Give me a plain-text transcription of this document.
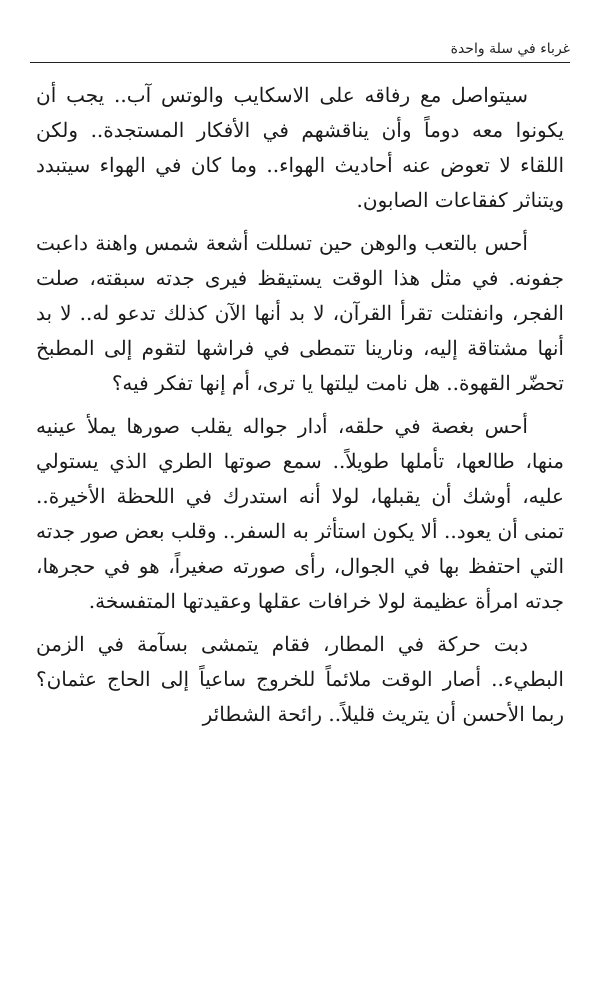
غرباء في سلة واحدة

سيتواصل مع رفاقه على الاسكايب والوتس آب.. يجب أن يكونوا معه دوماً وأن يناقشهم في الأفكار المستجدة.. ولكن اللقاء لا تعوض عنه أحاديث الهواء.. وما كان في الهواء سيتبدد ويتناثر كفقاعات الصابون.

أحس بالتعب والوهن حين تسللت أشعة شمس واهنة داعبت جفونه. في مثل هذا الوقت يستيقظ فيرى جدته سبقته، صلت الفجر، وانفتلت تقرأ القرآن، لا بد أنها الآن كذلك تدعو له.. لا بد أنها مشتاقة إليه، ونارينا تتمطى في فراشها لتقوم إلى المطبخ تحضّر القهوة.. هل نامت ليلتها يا ترى، أم إنها تفكر فيه؟

أحس بغصة في حلقه، أدار جواله يقلب صورها يملأ عينيه منها، طالعها، تأملها طويلاً.. سمع صوتها الطري الذي يستولي عليه، أوشك أن يقبلها، لولا أنه استدرك في اللحظة الأخيرة.. تمنى أن يعود.. ألا يكون استأثر به السفر.. وقلب بعض صور جدته التي احتفظ بها في الجوال، رأى صورته صغيراً، هو في حجرها، جدته امرأة عظيمة لولا خرافات عقلها وعقيدتها المتفسخة.

دبت حركة في المطار، فقام يتمشى بسآمة في الزمن البطيء.. أصار الوقت ملائماً للخروج ساعياً إلى الحاج عثمان؟ ربما الأحسن أن يتريث قليلاً.. رائحة الشطائر
